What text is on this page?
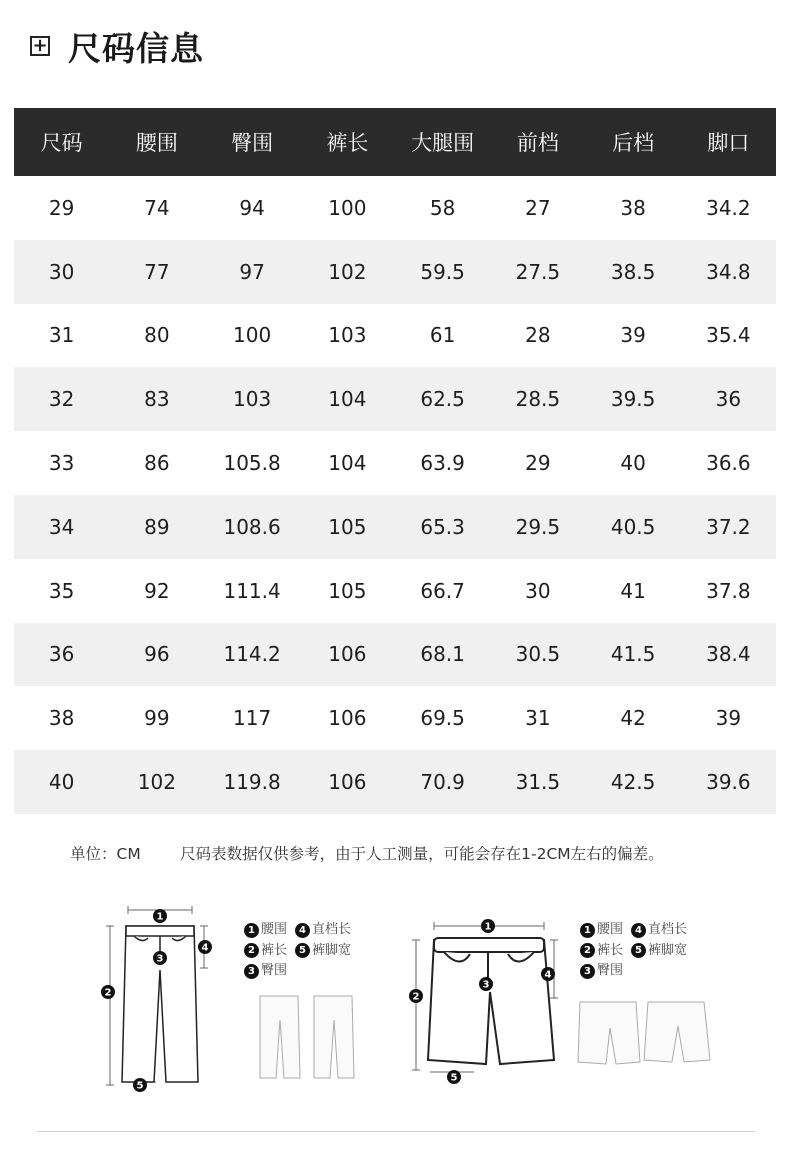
+ 尺码信息
尺码	腰围	臀围	裤长	大腿围	前档	后档	脚口
29	74	94	100	58	27	38	34.2
30	77	97	102	59.5	27.5	38.5	34.8
31	80	100	103	61	28	39	35.4
32	83	103	104	62.5	28.5	39.5	36
33	86	105.8	104	63.9	29	40	36.6
34	89	108.6	105	65.3	29.5	40.5	37.2
35	92	111.4	105	66.7	30	41	37.8
36	96	114.2	106	68.1	30.5	41.5	38.4
38	99	117	106	69.5	31	42	39
40	102	119.8	106	70.9	31.5	42.5	39.6
单位：CM	尺码表数据仅供参考，由于人工测量，可能会存在1-2CM左右的偏差。
1
2
3
4
5
1 腰围 4 直档长
2 裤长 5 裤脚宽
3 臀围
1
2
3
4
5
1 腰围 4 直档长
2 裤长 5 裤脚宽
3 臀围
